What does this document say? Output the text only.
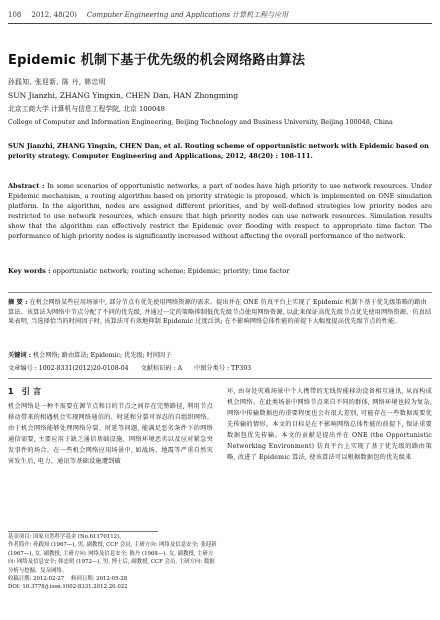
108 2012, 48(20) Computer Engineering and Applications 计算机工程与应用
Epidemic 机制下基于优先级的机会网络路由算法
孙践知, 张迎新, 陈 丹, 韩忠明
SUN Jianzhi, ZHANG Yingxin, CHEN Dan, HAN Zhongming
北京工商大学 计算机与信息工程学院, 北京 100048
College of Computer and Information Engineering, Beijing Technology and Business University, Beijing 100048, China
SUN Jianzhi, ZHANG Yingxin, CHEN Dan, et al. Routing scheme of opportunistic network with Epidemic based on priority strategy. Computer Engineering and Applications, 2012, 48(20) : 108-111.
Abstract : In some scenarios of opportunistic networks, a part of nodes have high priority to use network resources. Under Epidemic mechanism, a routing algorithm based on priority strategic is proposed, which is implemented on ONE simulation platform. In the algorithm, nodes are assigned different priorities, and by well-defined strategies low priority nodes are restricted to use network resources, which ensure that high priority nodes can use network resources. Simulation results show that the algorithm can effectively restrict the Epidemic over flooding with respect to appropriate time factor. The performance of high priority nodes is significantly increased without affecting the overall performance of the network.
Key words : opportunistic network; routing scheme; Epidemic; priority; time factor
摘 要 : 在机会网络某些应用场景中, 部分节点有优先使用网络资源的需求。提出并在 ONE 仿真平台上实现了 Epidemic 机制下基于优先级策略的路由算法。该算法为网络中节点分配了不同的优先级, 并通过一定的策略抑制低优先级节点使用网络资源, 以此来保证高优先级节点优先使用网络资源。仿真结果表明, 当选择恰当的时间因子时, 该算法可有效地抑制 Epidemic 过度泛洪; 在不影响网络总体性能的前提下大幅度提高优先级节点的性能。
关键词 : 机会网络; 路由算法; Epidemic; 优先级; 时间因子
文章编号 : 1002-8331(2012)20-0108-04 文献标识码 : A 中图分类号 : TP393
1 引 言
机会网络是一种不需要在源节点和目的节点之间存在完整路径, 利用节点移动带来的相遇机会实现网络通信的、时延和分裂可容忍的自组织网络。由于机会网络能够处理网络分裂、时延等问题, 能满足恶劣条件下的网络通信需要, 主要应用于缺乏通信基础设施、网络环境恶劣以及应对紧急突发事件的场合。在一些机会网络应用场景中, 如战场、地震等严重自然灾害发生后, 电力、通讯等基础设施遭到破
坏, 由身处灾难场景中个人携带的无线智能移动设备相互通讯, 从而构成机会网络。在此类场景中网络节点来自不同的群体, 网络环境也较为复杂, 网络中传输数据也的重要程度也会有很大差别, 可能存在一些数据需要优先传输的情形。本文的目标是在不影响网络总体性能的前提下, 保证重要数据包优先传输。本文的贡献是提出并在 ONE (the Opportunistic Networking Environment) 仿真平台上实现了基于优先级的路由策略, 改进了 Epidemic 算法, 使该算法可以根据数据包的优先级来
基金项目: 国家自然科学基金 (No.61170112)。
作者简介: 孙践知 (1967—), 男, 副教授, CCF 会员, 主研方向: 网络及信息安全; 张迎新 (1967—), 女, 副教授, 主研方向: 网络及信息安全; 陈丹 (1968—), 女, 副教授, 主研方向: 网络及信息安全; 韩忠明 (1972—), 男, 博士后, 副教授, CCF 会员, 主研方向: 数据分析与挖掘、复杂网络。
收稿日期: 2012-02-27 修回日期: 2012-05-28
DOI: 10.3778/j.issn.1002-8331.2012.20.022
